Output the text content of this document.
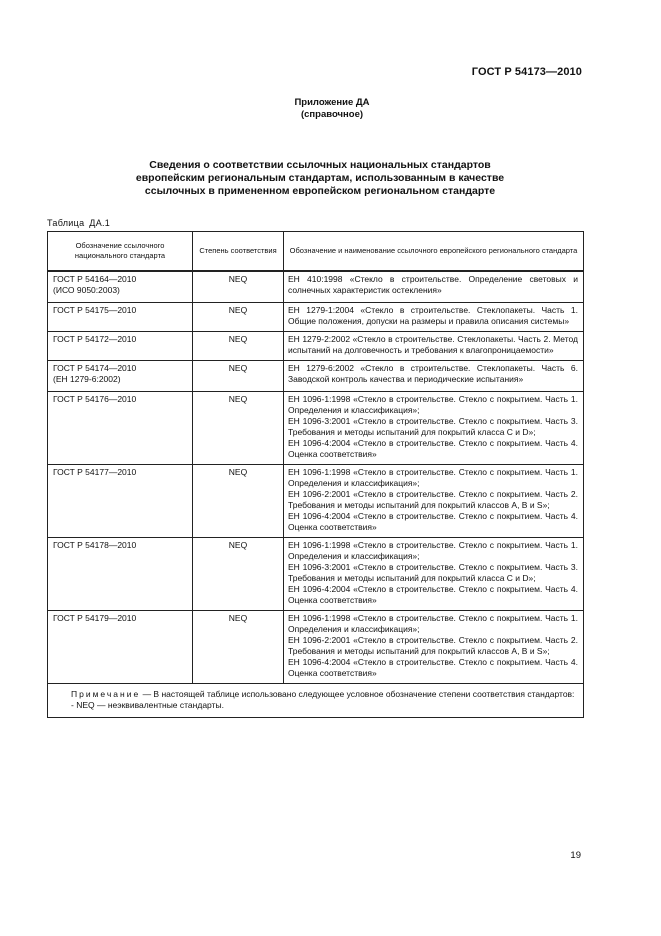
ГОСТ Р 54173—2010
Приложение ДА
(справочное)
Сведения о соответствии ссылочных национальных стандартов
европейским региональным стандартам, использованным в качестве
ссылочных в примененном европейском региональном стандарте
Таблица ДА.1
Обозначение ссылочного национального стандарта	Степень соответствия	Обозначение и наименование ссылочного европейского регионального стандарта

ГОСТ Р 54164—2010
(ИСО 9050:2003)	NEQ	ЕН 410:1998 «Стекло в строительстве. Определение световых и солнечных характеристик остекления»

ГОСТ Р 54175—2010	NEQ	ЕН 1279-1:2004 «Стекло в строительстве. Стеклопакеты. Часть 1. Общие положения, допуски на размеры и правила описания системы»

ГОСТ Р 54172—2010	NEQ	ЕН 1279-2:2002 «Стекло в строительстве. Стеклопакеты. Часть 2. Метод испытаний на долговечность и требования к влагопроницаемости»

ГОСТ Р 54174—2010
(ЕН 1279-6:2002)	NEQ	ЕН 1279-6:2002 «Стекло в строительстве. Стеклопакеты. Часть 6. Заводской контроль качества и периодические испытания»

ГОСТ Р 54176—2010	NEQ	ЕН 1096-1:1998 «Стекло в строительстве. Стекло с покрытием. Часть 1. Определения и классификация»;
ЕН 1096-3:2001 «Стекло в строительстве. Стекло с покрытием. Часть 3. Требования и методы испытаний для покрытий класса С и D»;
ЕН 1096-4:2004 «Стекло в строительстве. Стекло с покрытием. Часть 4. Оценка соответствия»

ГОСТ Р 54177—2010	NEQ	ЕН 1096-1:1998 «Стекло в строительстве. Стекло с покрытием. Часть 1. Определения и классификация»;
ЕН 1096-2:2001 «Стекло в строительстве. Стекло с покрытием. Часть 2. Требования и методы испытаний для покрытий классов А, В и S»;
ЕН 1096-4:2004 «Стекло в строительстве. Стекло с покрытием. Часть 4. Оценка соответствия»

ГОСТ Р 54178—2010	NEQ	ЕН 1096-1:1998 «Стекло в строительстве. Стекло с покрытием. Часть 1. Определения и классификация»;
ЕН 1096-3:2001 «Стекло в строительстве. Стекло с покрытием. Часть 3. Требования и методы испытаний для покрытий класса С и D»;
ЕН 1096-4:2004 «Стекло в строительстве. Стекло с покрытием. Часть 4. Оценка соответствия»

ГОСТ Р 54179—2010	NEQ	ЕН 1096-1:1998 «Стекло в строительстве. Стекло с покрытием. Часть 1. Определения и классификация»;
ЕН 1096-2:2001 «Стекло в строительстве. Стекло с покрытием. Часть 2. Требования и методы испытаний для покрытий классов А, В и S»;
ЕН 1096-4:2004 «Стекло в строительстве. Стекло с покрытием. Часть 4. Оценка соответствия»

Примечание — В настоящей таблице использовано следующее условное обозначение степени соответствия стандартов:
- NEQ — неэквивалентные стандарты.		
19
